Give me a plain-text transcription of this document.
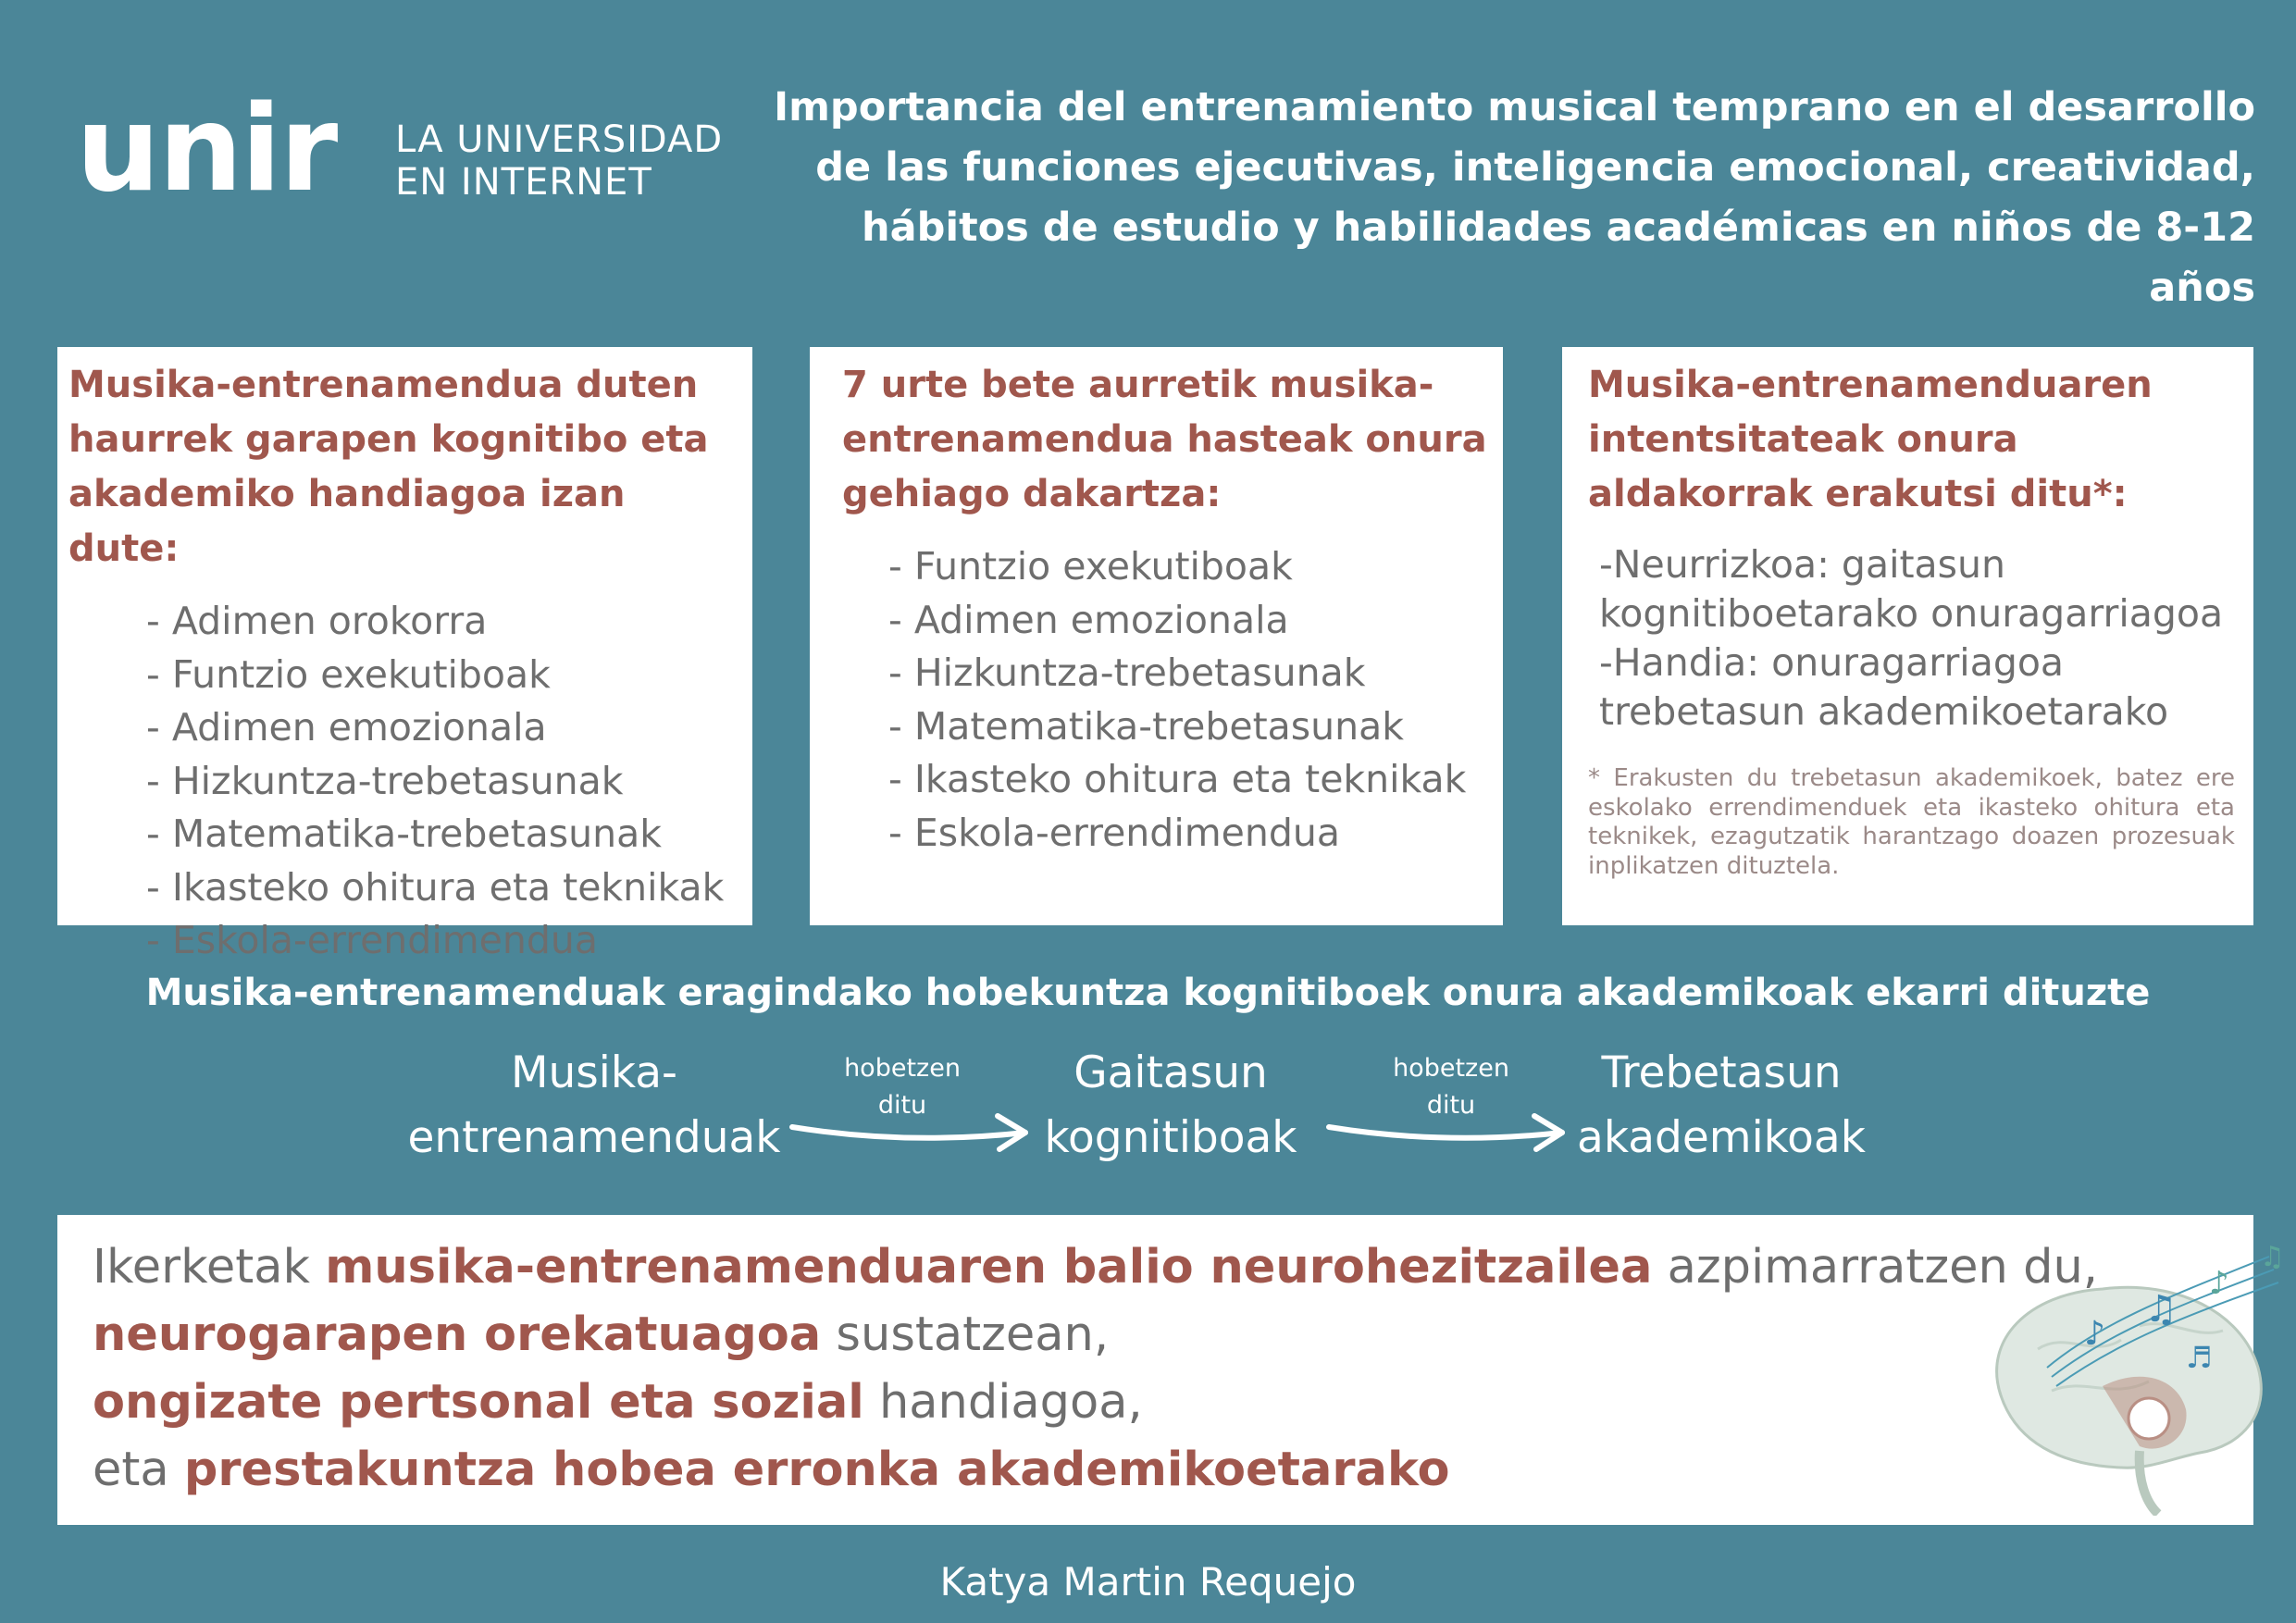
unir LA UNIVERSIDAD
EN INTERNET
Importancia del entrenamiento musical temprano en el desarrollo
de las funciones ejecutivas, inteligencia emocional, creatividad,
hábitos de estudio y habilidades académicas en niños de 8-12 años
Musika-entrenamendua duten haurrek garapen kognitibo eta akademiko handiagoa izan dute:
- Adimen orokorra
- Funtzio exekutiboak
- Adimen emozionala
- Hizkuntza-trebetasunak
- Matematika-trebetasunak
- Ikasteko ohitura eta teknikak
- Eskola-errendimendua
7 urte bete aurretik musika-entrenamendua hasteak onura gehiago dakartza:
- Funtzio exekutiboak
- Adimen emozionala
- Hizkuntza-trebetasunak
- Matematika-trebetasunak
- Ikasteko ohitura eta teknikak
- Eskola-errendimendua
Musika-entrenamenduaren intentsitateak onura aldakorrak erakutsi ditu*:
-Neurrizkoa: gaitasun kognitiboetarako onuragarriagoa
-Handia: onuragarriagoa trebetasun akademikoetarako
* Erakusten du trebetasun akademikoek, batez ere eskolako errendimenduek eta ikasteko ohitura eta teknikek, ezagutzatik harantzago doazen prozesuak inplikatzen dituztela.
Musika-entrenamenduak eragindako hobekuntza kognitiboek onura akademikoak ekarri dituzte
Musika-
entrenamenduak
hobetzen
ditu
Gaitasun
kognitiboak
hobetzen
ditu
Trebetasun
akademikoak

Ikerketak musika-entrenamenduaren balio neurohezitzailea azpimarratzen du,

neurogarapen orekatuagoa sustatzean,

ongizate pertsonal eta sozial handiagoa,

eta prestakuntza hobea erronka akademikoetarako

♪
♫
♪
♫
♬
Katya Martin Requejo
